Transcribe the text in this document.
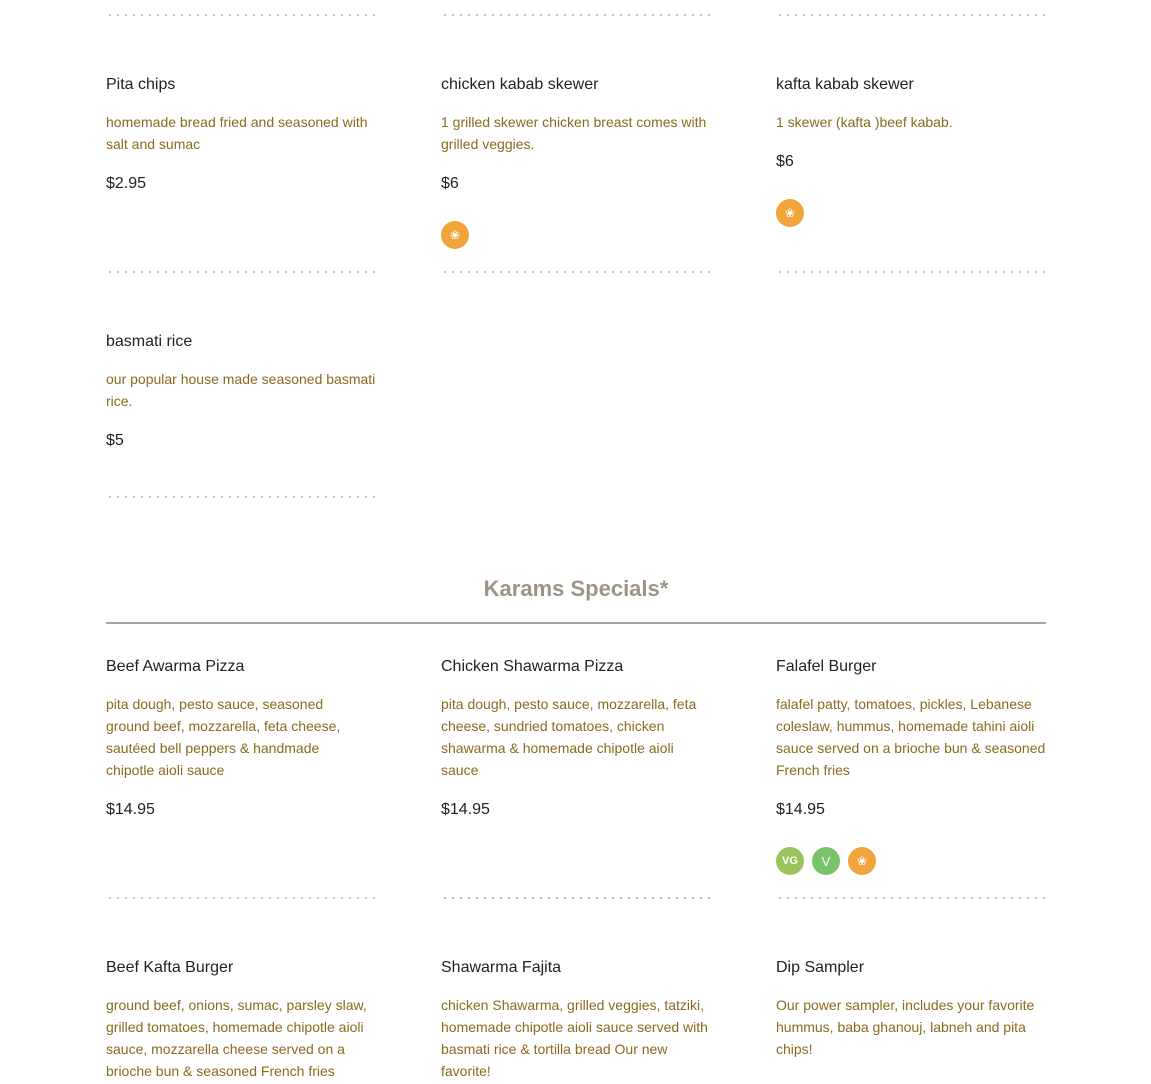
Pita chips
homemade bread fried and seasoned with salt and sumac
$2.95
chicken kabab skewer
1 grilled skewer chicken breast comes with grilled veggies.
$6
❀
kafta kabab skewer
1 skewer (kafta )beef kabab.
$6
❀
basmati rice
our popular house made seasoned basmati rice.
$5
Karams Specials*
Beef Awarma Pizza
pita dough, pesto sauce, seasoned ground beef, mozzarella, feta cheese, sautéed bell peppers & handmade chipotle aioli sauce
$14.95
Chicken Shawarma Pizza
pita dough, pesto sauce, mozzarella, feta cheese, sundried tomatoes, chicken shawarma & homemade chipotle aioli sauce
$14.95
Falafel Burger
falafel patty, tomatoes, pickles, Lebanese coleslaw, hummus, homemade tahini aioli sauce served on a brioche bun & seasoned French fries
$14.95
VG	V	❀
Beef Kafta Burger
ground beef, onions, sumac, parsley slaw, grilled tomatoes, homemade chipotle aioli sauce, mozzarella cheese served on a brioche bun & seasoned French fries
Shawarma Fajita
chicken Shawarma, grilled veggies, tatziki, homemade chipotle aioli sauce served with basmati rice & tortilla bread Our new favorite!
Dip Sampler
Our power sampler, includes your favorite hummus, baba ghanouj, labneh and pita chips!
